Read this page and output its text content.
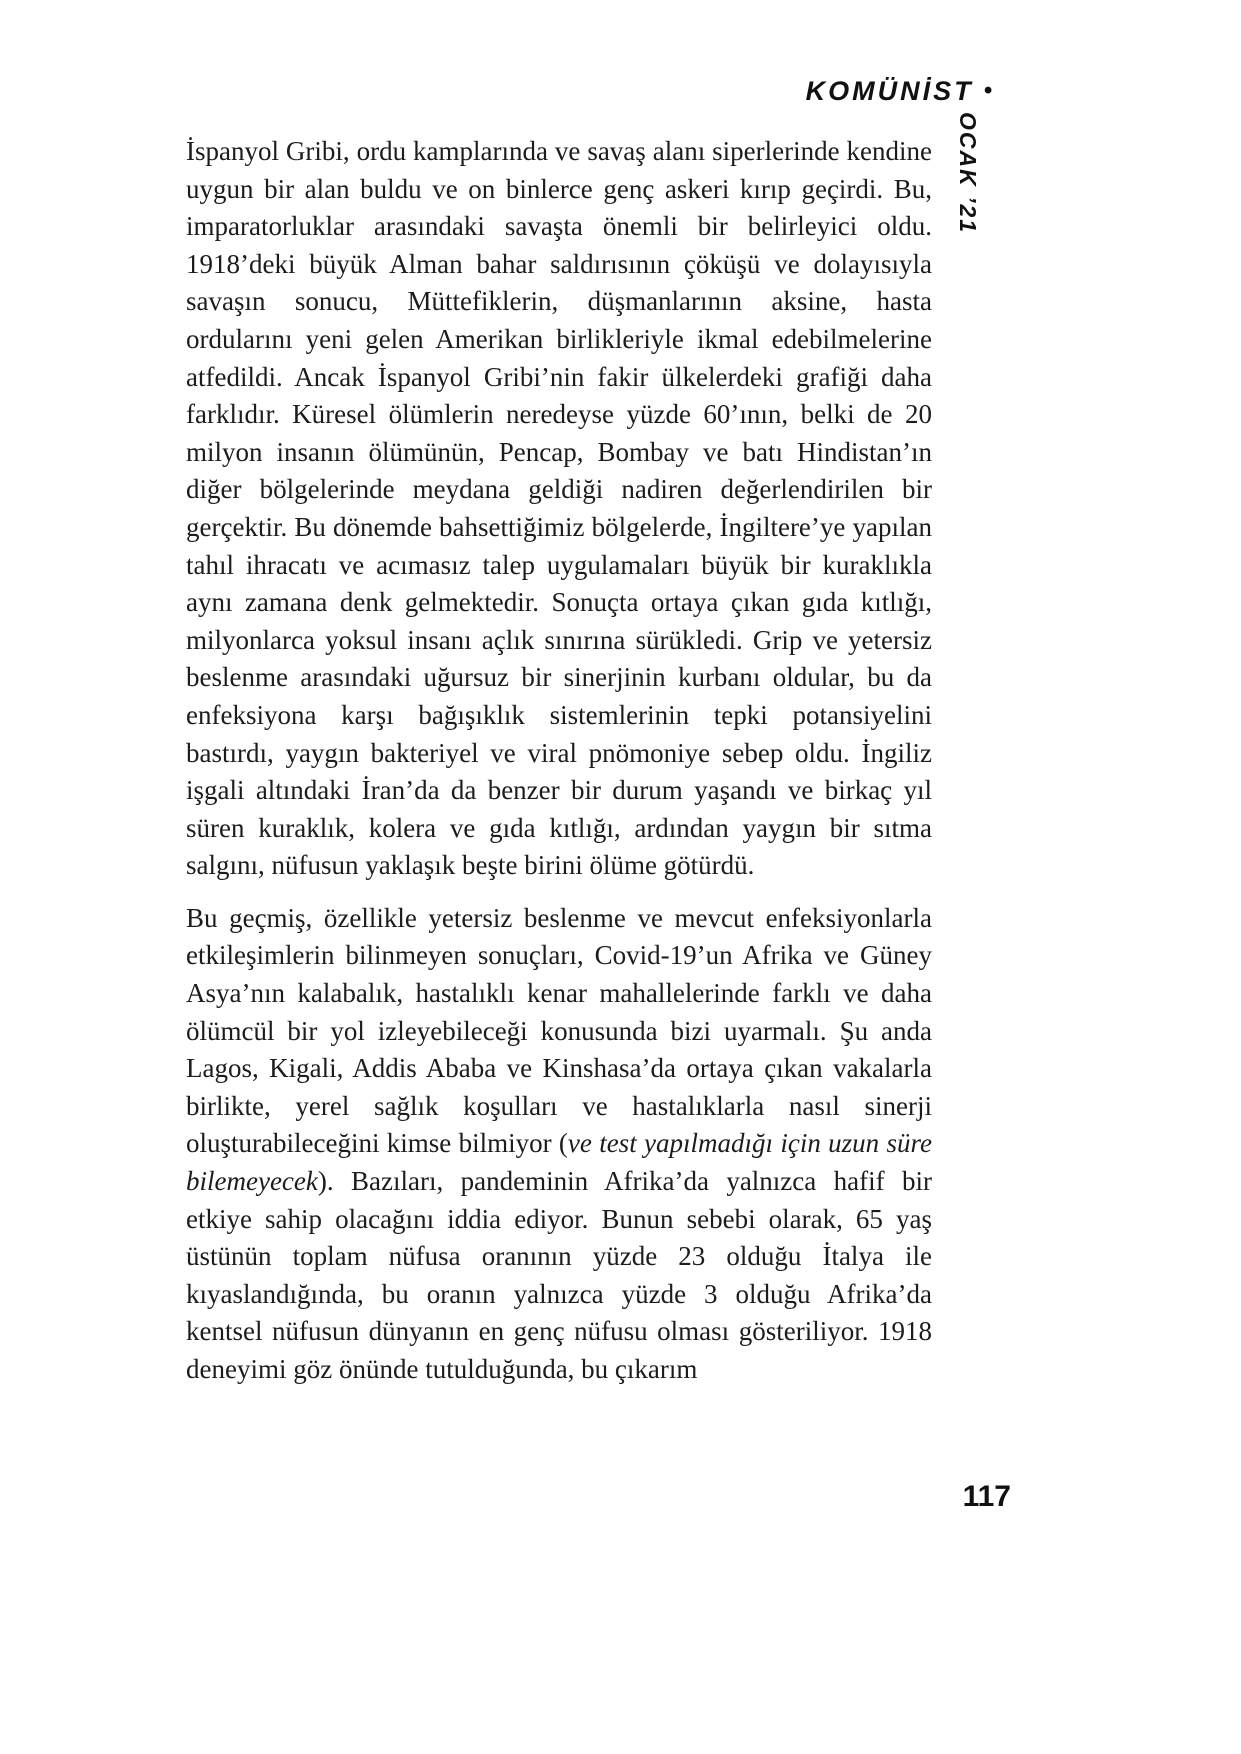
KOMÜNİST •
OCAK ’21

İspanyol Gribi, ordu kamplarında ve savaş alanı siperlerinde kendine uygun bir alan buldu ve on binlerce genç askeri kırıp geçirdi. Bu, imparatorluklar arasındaki savaşta önemli bir belirleyici oldu. 1918’deki büyük Alman bahar saldırısının çöküşü ve dolayısıyla savaşın sonucu, Müttefiklerin, düşmanlarının aksine, hasta ordularını yeni gelen Amerikan birlikleriyle ikmal edebilmelerine atfedildi. Ancak İspanyol Gribi’nin fakir ülkelerdeki grafiği daha farklıdır. Küresel ölümlerin neredeyse yüzde 60’ının, belki de 20 milyon insanın ölümünün, Pencap, Bombay ve batı Hindistan’ın diğer bölgelerinde meydana geldiği nadiren değerlendirilen bir gerçektir. Bu dönemde bahsettiğimiz bölgelerde, İngiltere’ye yapılan tahıl ihracatı ve acımasız talep uygulamaları büyük bir kuraklıkla aynı zamana denk gelmektedir. Sonuçta ortaya çıkan gıda kıtlığı, milyonlarca yoksul insanı açlık sınırına sürükledi. Grip ve yetersiz beslenme arasındaki uğursuz bir sinerjinin kurbanı oldular, bu da enfeksiyona karşı bağışıklık sistemlerinin tepki potansiyelini bastırdı, yaygın bakteriyel ve viral pnömoniye sebep oldu. İngiliz işgali altındaki İran’da da benzer bir durum yaşandı ve birkaç yıl süren kuraklık, kolera ve gıda kıtlığı, ardından yaygın bir sıtma salgını, nüfusun yaklaşık beşte birini ölüme götürdü.

Bu geçmiş, özellikle yetersiz beslenme ve mevcut enfeksiyonlarla etkileşimlerin bilinmeyen sonuçları, Covid-19’un Afrika ve Güney Asya’nın kalabalık, hastalıklı kenar mahallelerinde farklı ve daha ölümcül bir yol izleyebileceği konusunda bizi uyarmalı. Şu anda Lagos, Kigali, Addis Ababa ve Kinshasa’da ortaya çıkan vakalarla birlikte, yerel sağlık koşulları ve hastalıklarla nasıl sinerji oluşturabileceğini kimse bilmiyor (ve test yapılmadığı için uzun süre bilemeyecek). Bazıları, pandeminin Afrika’da yalnızca hafif bir etkiye sahip olacağını iddia ediyor. Bunun sebebi olarak, 65 yaş üstünün toplam nüfusa oranının yüzde 23 olduğu İtalya ile kıyaslandığında, bu oranın yalnızca yüzde 3 olduğu Afrika’da kentsel nüfusun dünyanın en genç nüfusu olması gösteriliyor. 1918 deneyimi göz önünde tutulduğunda, bu çıkarım

117
